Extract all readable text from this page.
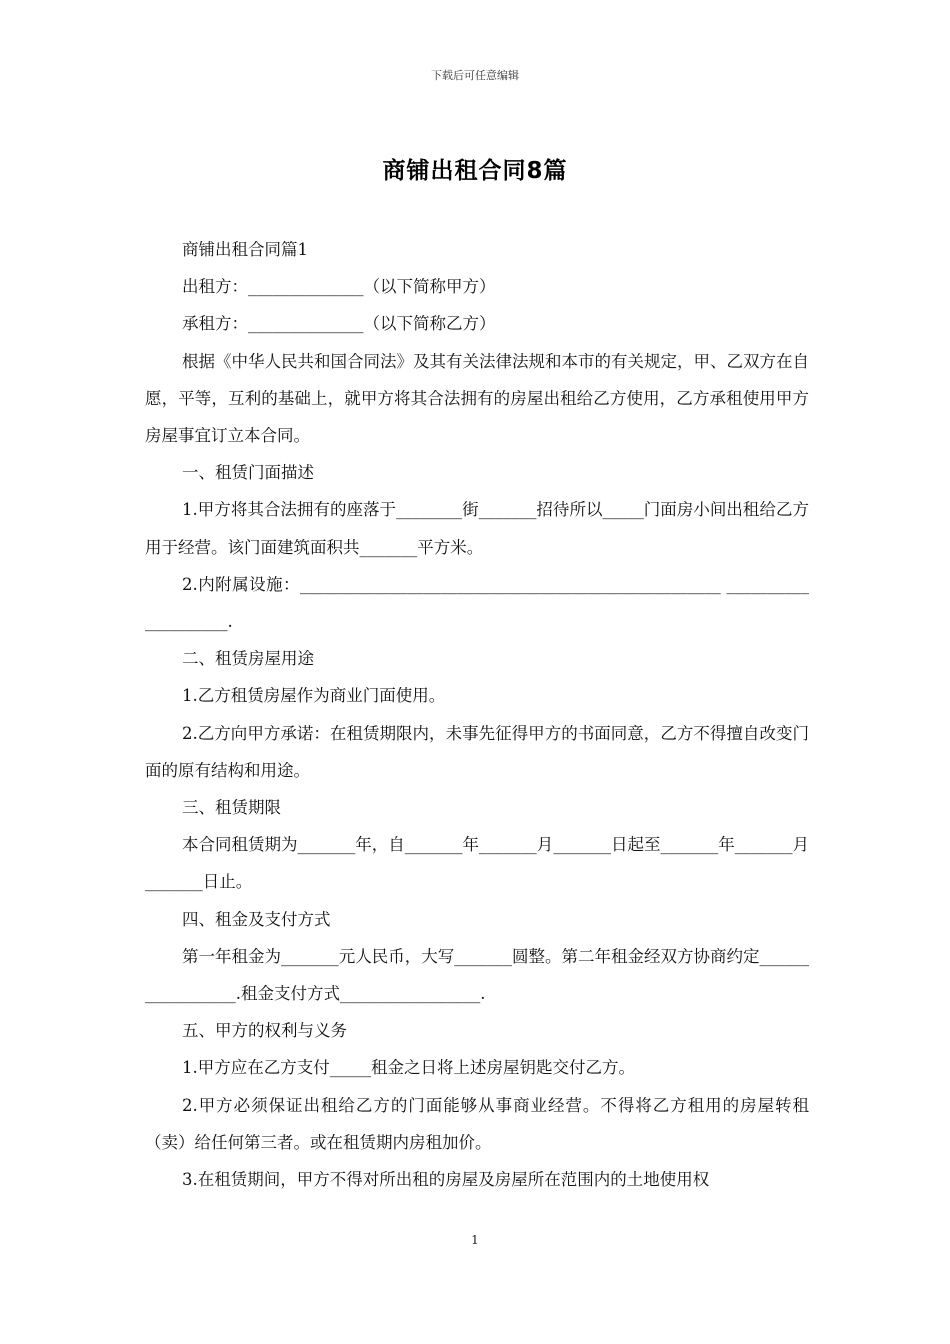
下载后可任意编辑
商铺出租合同8篇

商铺出租合同篇1

出租方：______________（以下简称甲方）

承租方：______________（以下简称乙方）

根据《中华人民共和国合同法》及其有关法律法规和本市的有关规定，甲、乙双方在自愿，平等，互利的基础上，就甲方将其合法拥有的房屋出租给乙方使用，乙方承租使用甲方房屋事宜订立本合同。

一、租赁门面描述

1.甲方将其合法拥有的座落于________街_______招待所以_____门面房小间出租给乙方用于经营。该门面建筑面积共_______平方米。

2.内附属设施：___________________________________________________ ____________________.

二、租赁房屋用途

1.乙方租赁房屋作为商业门面使用。

2.乙方向甲方承诺：在租赁期限内，未事先征得甲方的书面同意，乙方不得擅自改变门面的原有结构和用途。

三、租赁期限

本合同租赁期为_______年，自_______年_______月_______日起至_______年_______月_______日止。

四、租金及支付方式

第一年租金为_______元人民币，大写_______圆整。第二年租金经双方协商约定_________________.租金支付方式_________________.

五、甲方的权利与义务

1.甲方应在乙方支付_____租金之日将上述房屋钥匙交付乙方。

2.甲方必须保证出租给乙方的门面能够从事商业经营。不得将乙方租用的房屋转租（卖）给任何第三者。或在租赁期内房租加价。

3.在租赁期间，甲方不得对所出租的房屋及房屋所在范围内的土地使用权

1
